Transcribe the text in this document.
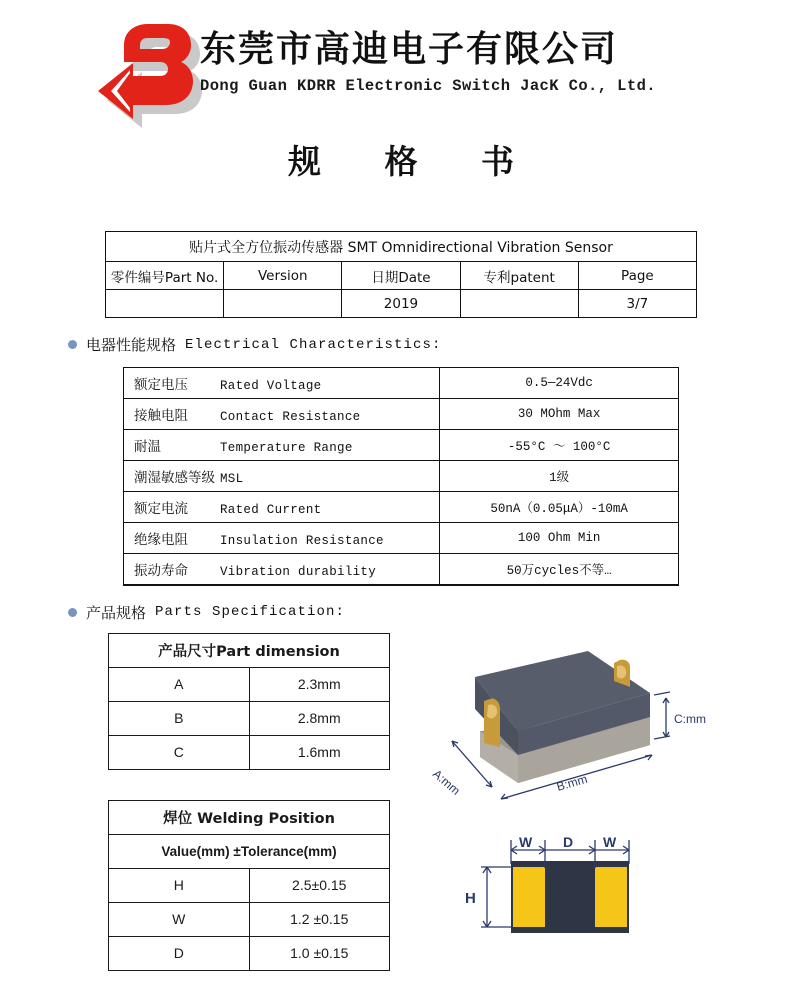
东莞市高迪电子有限公司
Dong Guan KDRR Electronic Switch JacK Co., Ltd.
规 格 书
贴片式全方位振动传感器 SMT Omnidirectional Vibration Sensor				
零件编号Part No.	Version	日期Date	专利patent	Page
		2019		3/7
电器性能规格 Electrical Characteristics:
额定电压 Rated Voltage	0.5—24Vdc
接触电阻 Contact Resistance	30 MOhm Max
耐温 Temperature Range	-55°C ～ 100°C
潮湿敏感等级 MSL	1级
额定电流 Rated Current	50nA（0.05μA）-10mA
绝缘电阻 Insulation Resistance	100 Ohm Min
振动寿命 Vibration durability	50万cycles不等…
产品规格 Parts Specification:
产品尺寸Part dimension	
A	2.3mm
B	2.8mm
C	1.6mm
焊位 Welding Position	
Value(mm) ±Tolerance(mm)	
H	2.5±0.15
W	1.2 ±0.15
D	1.0 ±0.15
A:mm	B:mm
C:mm
W D W
H
